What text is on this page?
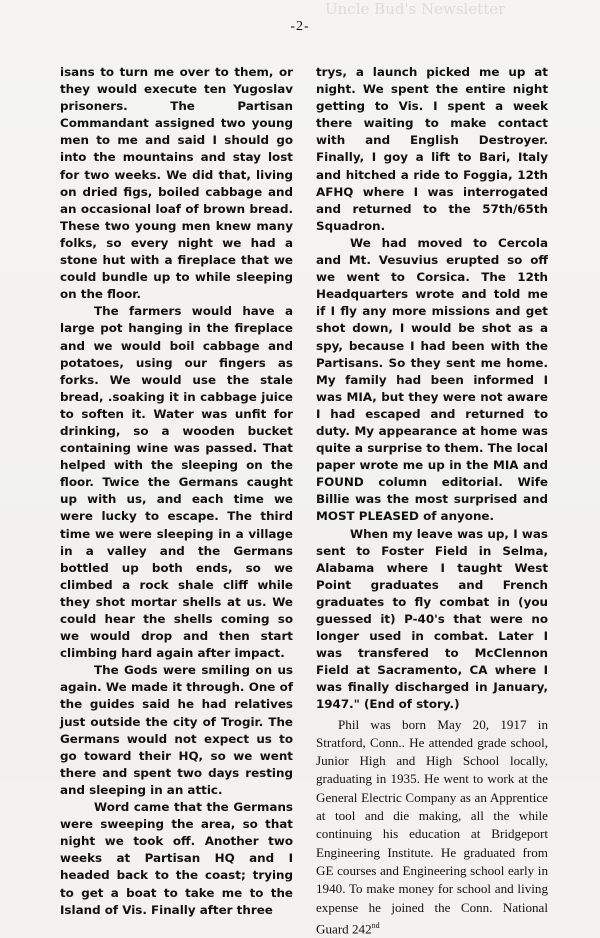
Uncle Bud's Newsletter
-2-

isans to turn me over to them, or they would execute ten Yugoslav prisoners. The Partisan Commandant assigned two young men to me and said I should go into the mountains and stay lost for two weeks. We did that, living on dried figs, boiled cabbage and an occasional loaf of brown bread. These two young men knew many folks, so every night we had a stone hut with a fireplace that we could bundle up to while sleeping on the floor.

The farmers would have a large pot hanging in the fireplace and we would boil cabbage and potatoes, using our fingers as forks. We would use the stale bread, .soaking it in cabbage juice to soften it. Water was unfit for drinking, so a wooden bucket containing wine was passed. That helped with the sleeping on the floor. Twice the Germans caught up with us, and each time we were lucky to escape. The third time we were sleeping in a village in a valley and the Germans bottled up both ends, so we climbed a rock shale cliff while they shot mortar shells at us. We could hear the shells coming so we would drop and then start climbing hard again after impact.

The Gods were smiling on us again. We made it through. One of the guides said he had relatives just outside the city of Trogir. The Germans would not expect us to go toward their HQ, so we went there and spent two days resting and sleeping in an attic.

Word came that the Germans were sweeping the area, so that night we took off. Another two weeks at Partisan HQ and I headed back to the coast; trying to get a boat to take me to the Island of Vis. Finally after three

trys, a launch picked me up at night. We spent the entire night getting to Vis. I spent a week there waiting to make contact with and English Destroyer. Finally, I goy a lift to Bari, Italy and hitched a ride to Foggia, 12th AFHQ where I was interrogated and returned to the 57th/65th Squadron.

We had moved to Cercola and Mt. Vesuvius erupted so off we went to Corsica. The 12th Headquarters wrote and told me if I fly any more missions and get shot down, I would be shot as a spy, because I had been with the Partisans. So they sent me home. My family had been informed I was MIA, but they were not aware I had escaped and returned to duty. My appearance at home was quite a surprise to them. The local paper wrote me up in the MIA and FOUND column editorial. Wife Billie was the most surprised and MOST PLEASED of anyone.

When my leave was up, I was sent to Foster Field in Selma, Alabama where I taught West Point graduates and French graduates to fly combat in (you guessed it) P-40's that were no longer used in combat. Later I was transfered to McClennon Field at Sacramento, CA where I was finally discharged in January, 1947." (End of story.)

Phil was born May 20, 1917 in Stratford, Conn.. He attended grade school, Junior High and High School locally, graduating in 1935. He went to work at the General Electric Company as an Apprentice at tool and die making, all the while continuing his education at Bridgeport Engineering Institute. He graduated from GE courses and Engineering school early in 1940. To make money for school and living expense he joined the Conn. National Guard 242nd
